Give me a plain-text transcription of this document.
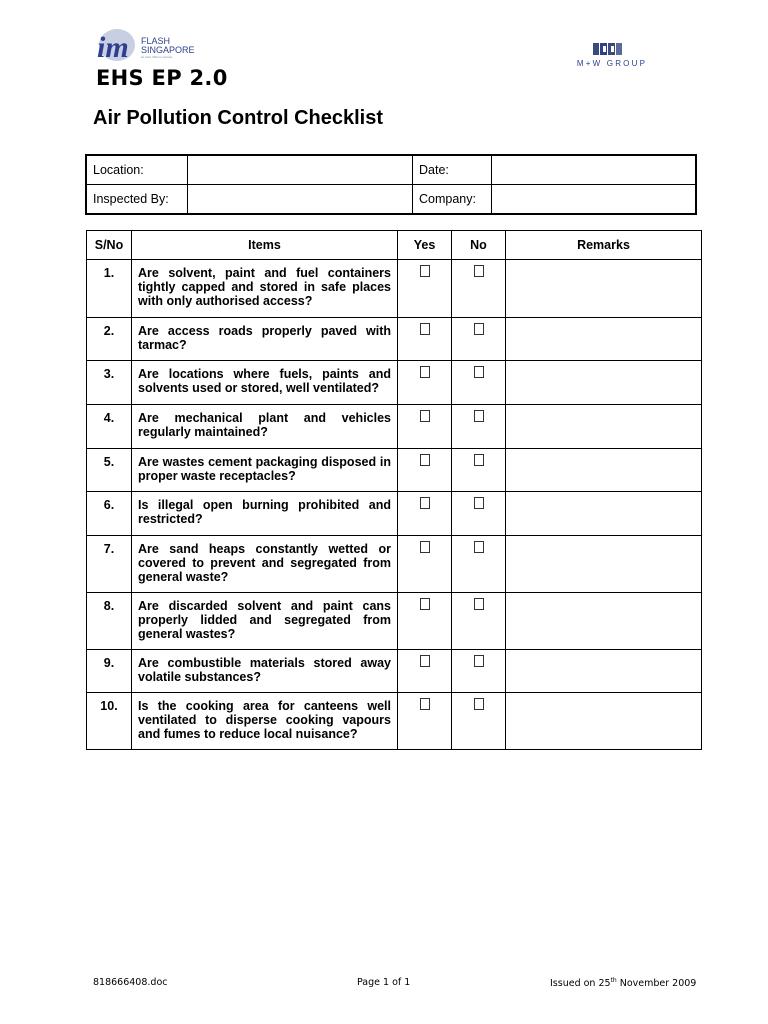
im FLASH
SINGAPORE
an Intel, Micron venture
M+W GROUP
EHS EP 2.0
Air Pollution Control Checklist
Location:		Date:	
Inspected By:		Company:	
S/No	Items	Yes	No	Remarks
1.	Are solvent, paint and fuel containers tightly capped and stored in safe places with only authorised access?			
2.	Are access roads properly paved with tarmac?			
3.	Are locations where fuels, paints and solvents used or stored, well ventilated?			
4.	Are mechanical plant and vehicles regularly maintained?			
5.	Are wastes cement packaging disposed in proper waste receptacles?			
6.	Is illegal open burning prohibited and restricted?			
7.	Are sand heaps constantly wetted or covered to prevent and segregated from general waste?			
8.	Are discarded solvent and paint cans properly lidded and segregated from general wastes?			
9.	Are combustible materials stored away volatile substances?			
10.	Is the cooking area for canteens well ventilated to disperse cooking vapours and fumes to reduce local nuisance?			
818666408.doc	Page 1 of 1	Issued on 25th November 2009
